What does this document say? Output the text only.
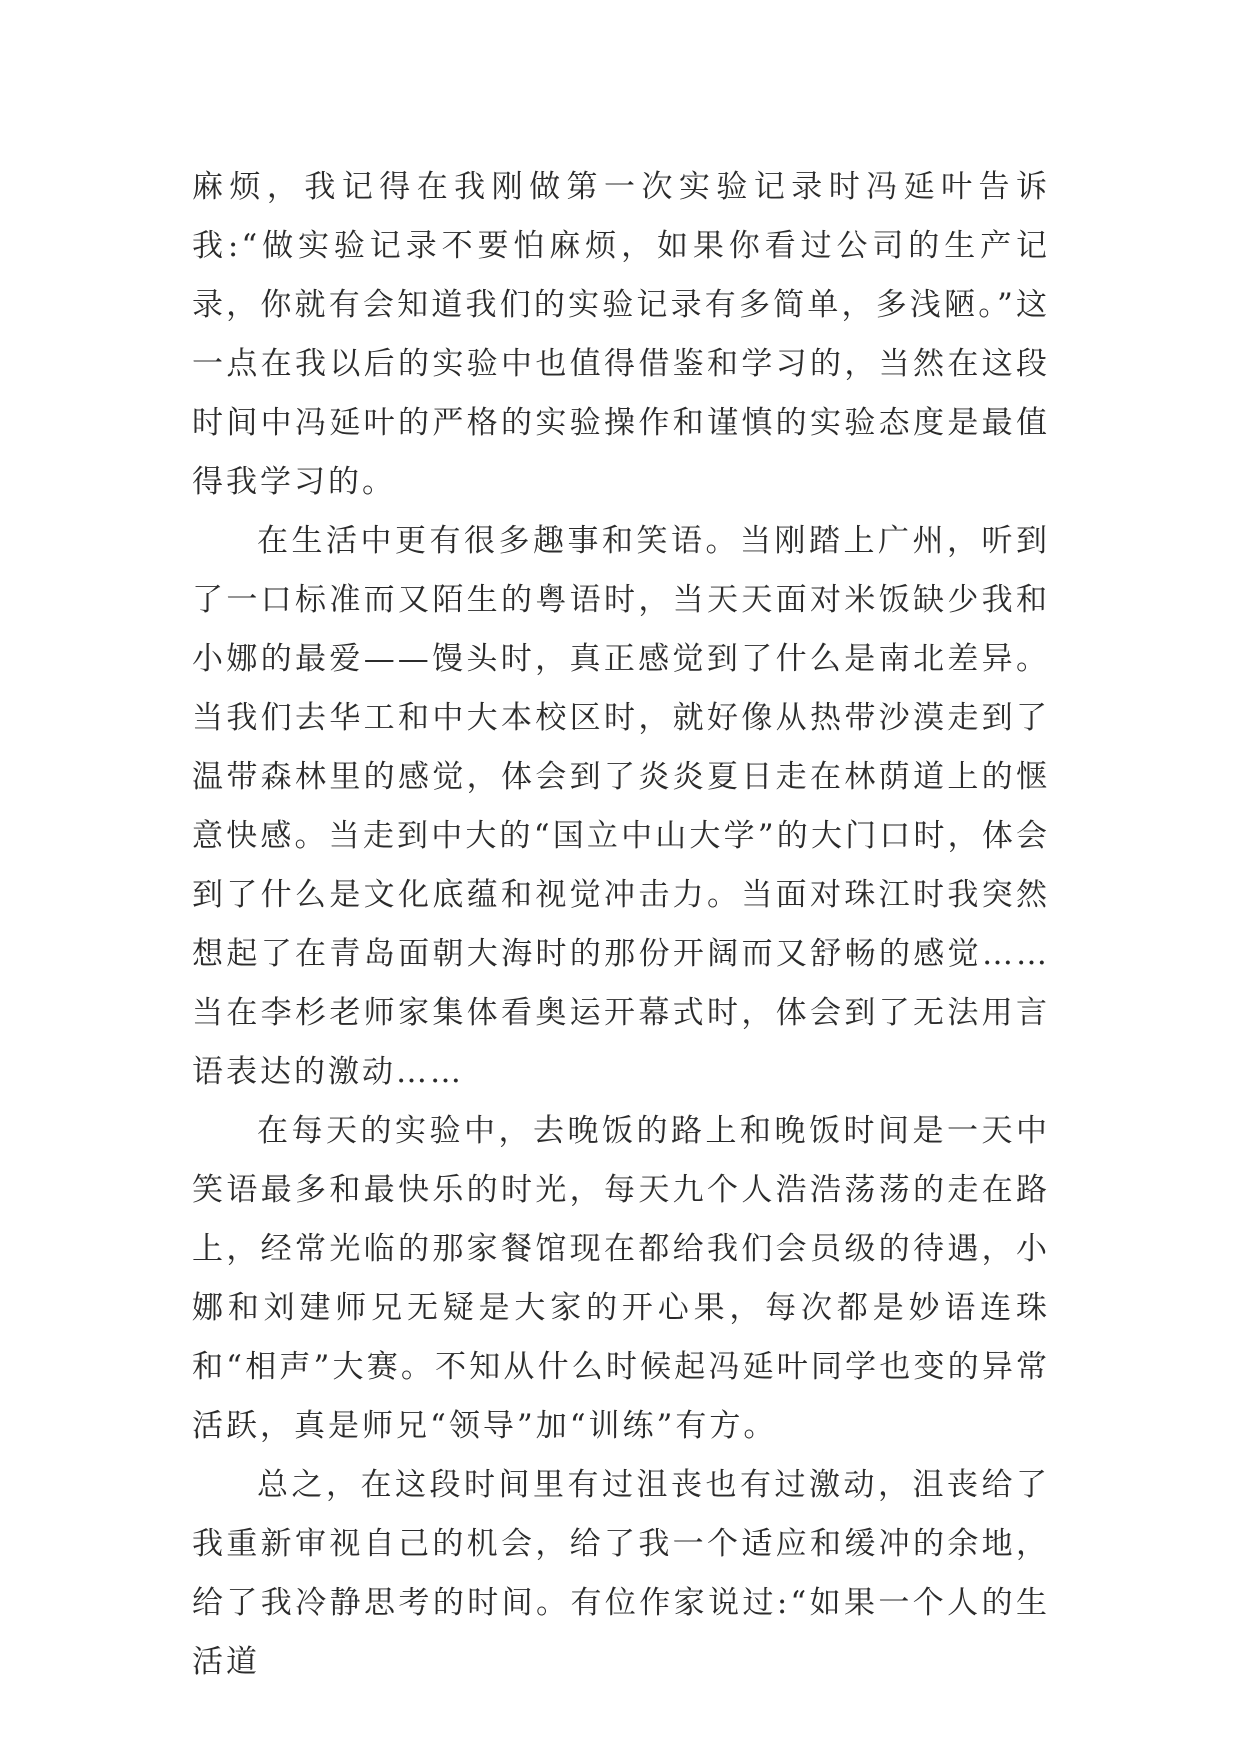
麻烦，我记得在我刚做第一次实验记录时冯延叶告诉我:“做实验记录不要怕麻烦，如果你看过公司的生产记录，你就有会知道我们的实验记录有多简单，多浅陋。”这一点在我以后的实验中也值得借鉴和学习的，当然在这段时间中冯延叶的严格的实验操作和谨慎的实验态度是最值得我学习的。

在生活中更有很多趣事和笑语。当刚踏上广州，听到了一口标准而又陌生的粤语时，当天天面对米饭缺少我和小娜的最爱——馒头时，真正感觉到了什么是南北差异。当我们去华工和中大本校区时，就好像从热带沙漠走到了温带森林里的感觉，体会到了炎炎夏日走在林荫道上的惬意快感。当走到中大的“国立中山大学”的大门口时，体会到了什么是文化底蕴和视觉冲击力。当面对珠江时我突然想起了在青岛面朝大海时的那份开阔而又舒畅的感觉……当在李杉老师家集体看奥运开幕式时，体会到了无法用言语表达的激动……

在每天的实验中，去晚饭的路上和晚饭时间是一天中笑语最多和最快乐的时光，每天九个人浩浩荡荡的走在路上，经常光临的那家餐馆现在都给我们会员级的待遇，小娜和刘建师兄无疑是大家的开心果，每次都是妙语连珠和“相声”大赛。不知从什么时候起冯延叶同学也变的异常活跃，真是师兄“领导”加“训练”有方。

总之，在这段时间里有过沮丧也有过激动，沮丧给了我重新审视自己的机会，给了我一个适应和缓冲的余地，给了我冷静思考的时间。有位作家说过:“如果一个人的生活道
